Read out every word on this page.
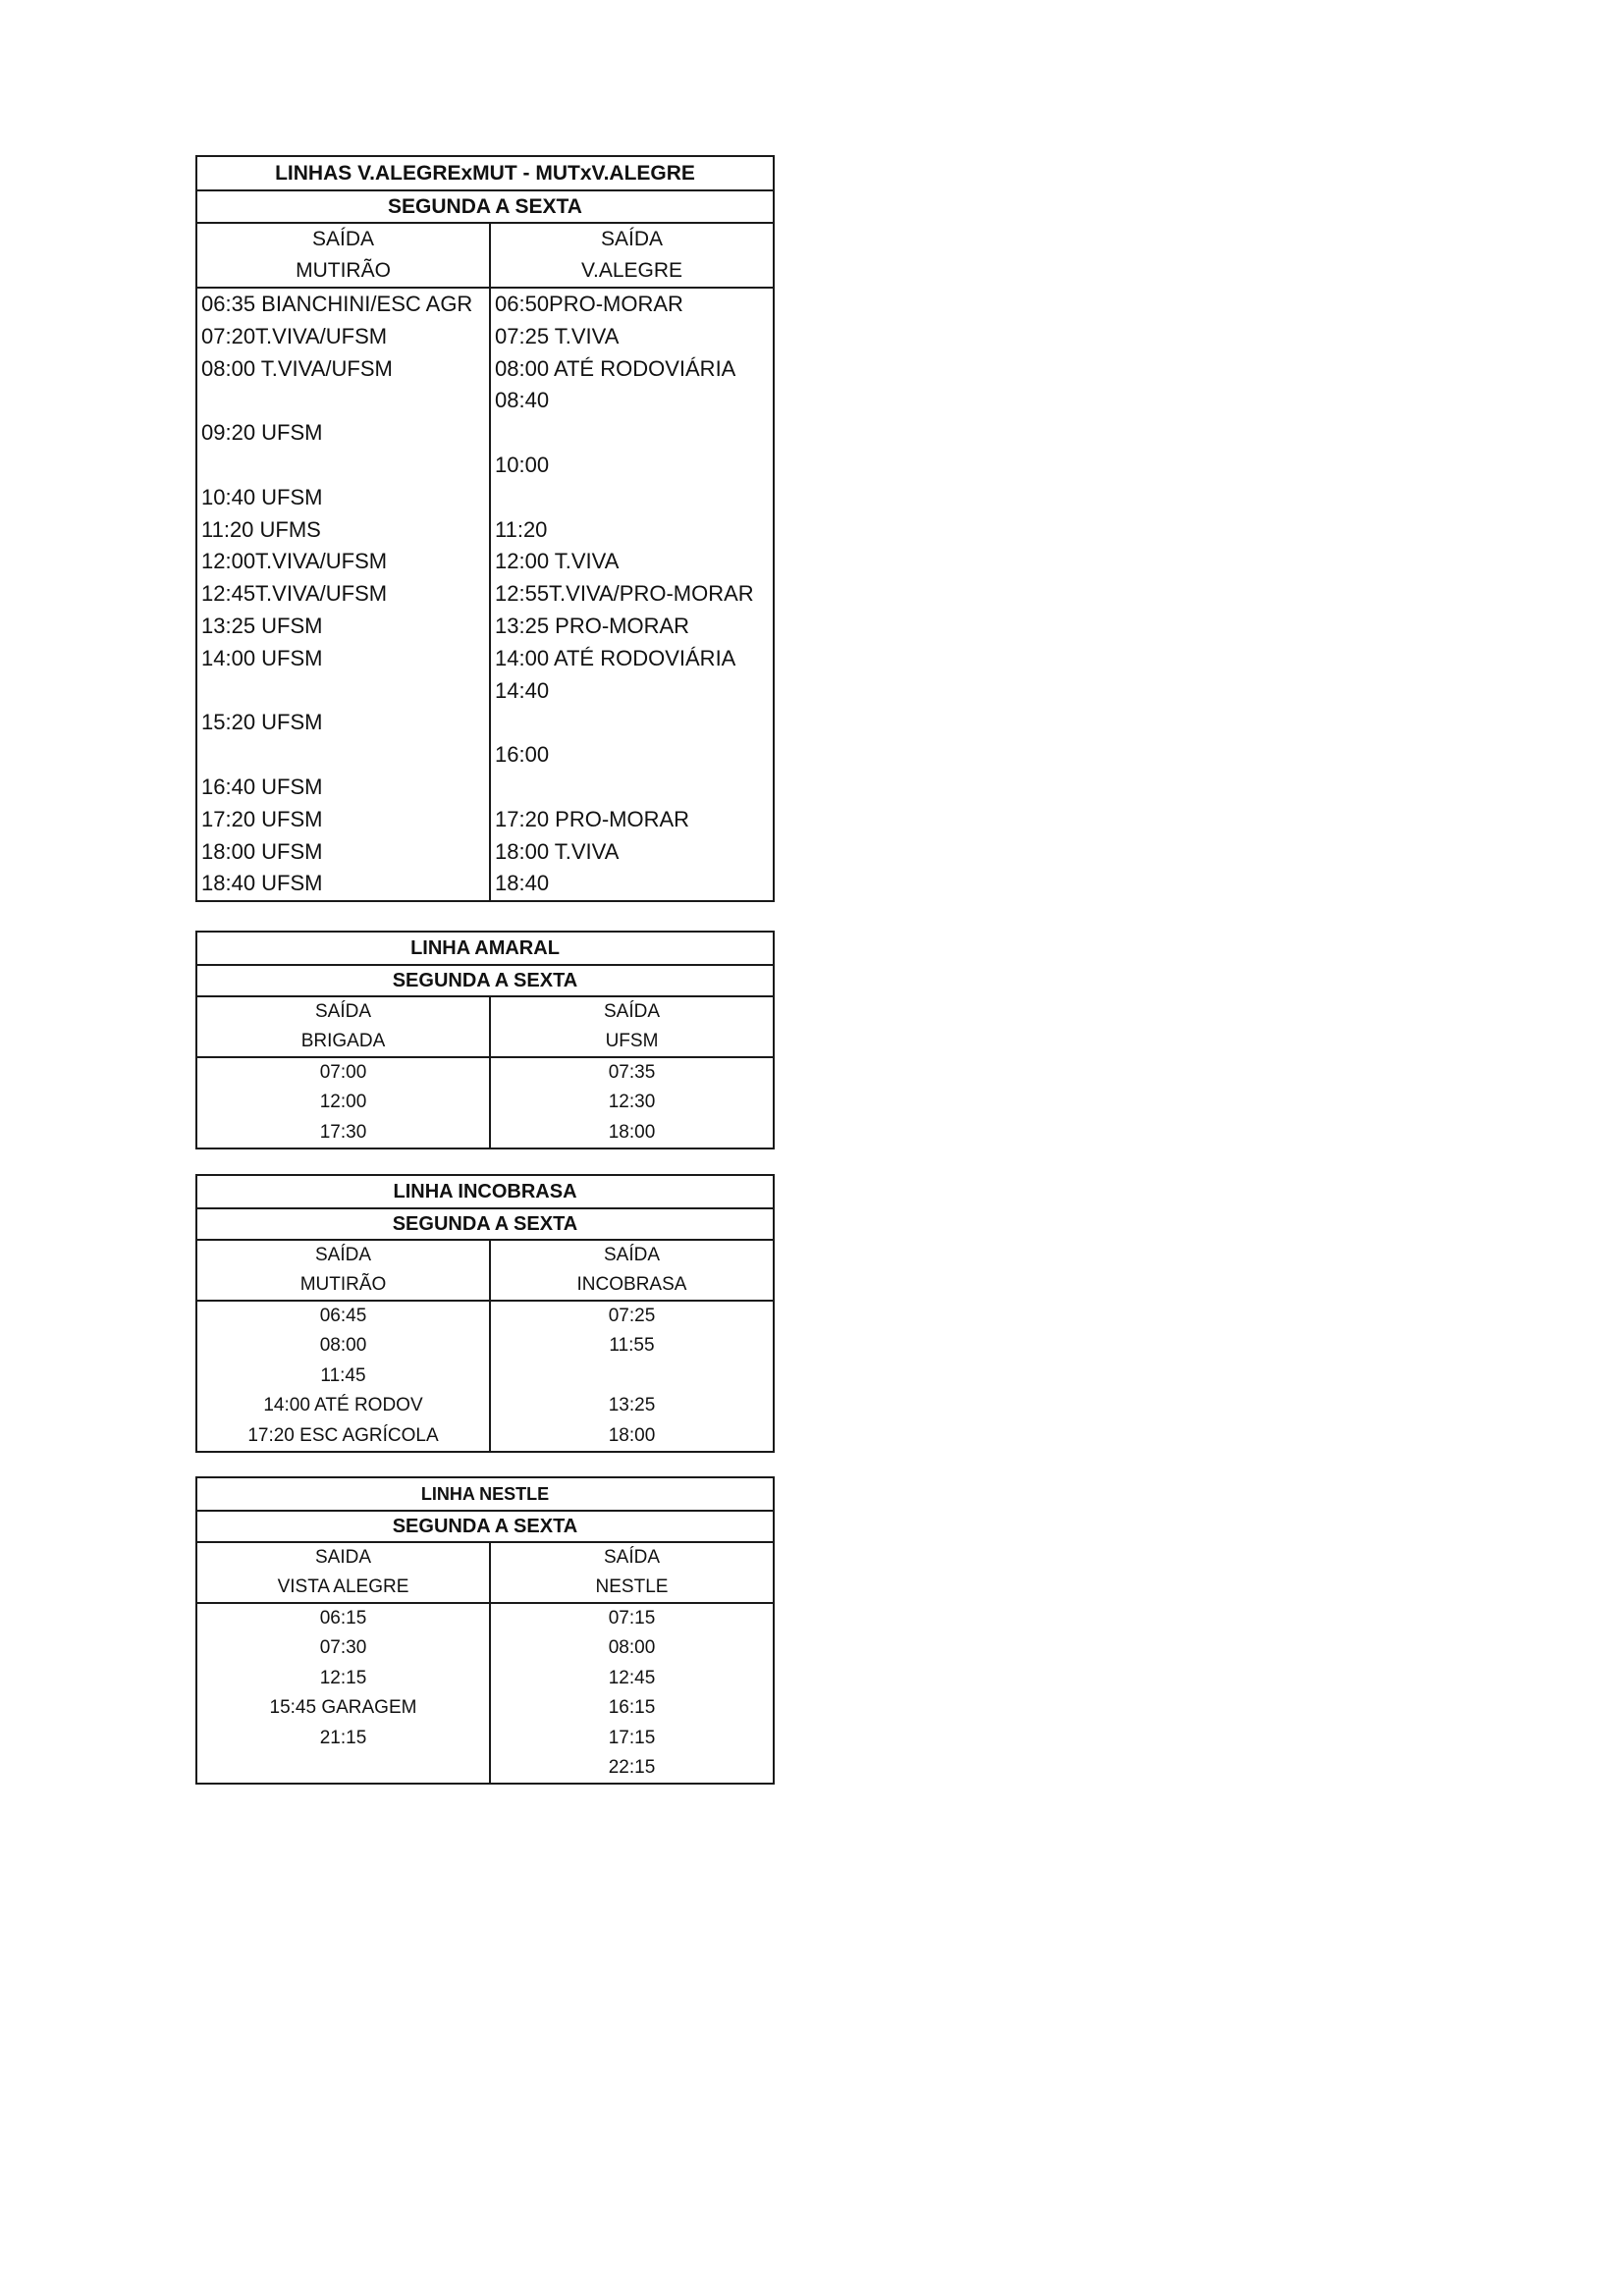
LINHAS V.ALEGRExMUT - MUTxV.ALEGRE
SEGUNDA A SEXTA
SAÍDA
MUTIRÃO
SAÍDA
V.ALEGRE
06:35 BIANCHINI/ESC AGR
07:20T.VIVA/UFSM
08:00 T.VIVA/UFSM
09:20 UFSM
10:40 UFSM
11:20 UFMS
12:00T.VIVA/UFSM
12:45T.VIVA/UFSM
13:25 UFSM
14:00 UFSM
15:20 UFSM
16:40 UFSM
17:20 UFSM
18:00 UFSM
18:40 UFSM
06:50PRO-MORAR
07:25 T.VIVA
08:00 ATÉ RODOVIÁRIA
08:40
10:00
11:20
12:00 T.VIVA
12:55T.VIVA/PRO-MORAR
13:25 PRO-MORAR
14:00 ATÉ RODOVIÁRIA
14:40
16:00
17:20 PRO-MORAR
18:00 T.VIVA
18:40
LINHA AMARAL
SEGUNDA A SEXTA
SAÍDA
BRIGADA
SAÍDA
UFSM
07:00
12:00
17:30
07:35
12:30
18:00
LINHA INCOBRASA
SEGUNDA A SEXTA
SAÍDA
MUTIRÃO
SAÍDA
INCOBRASA
06:45
08:00
11:45
14:00 ATÉ RODOV
17:20 ESC AGRÍCOLA
07:25
11:55
13:25
18:00
LINHA NESTLE
SEGUNDA A SEXTA
SAIDA
VISTA ALEGRE
SAÍDA
NESTLE
06:15
07:30
12:15
15:45 GARAGEM
21:15
07:15
08:00
12:45
16:15
17:15
22:15
